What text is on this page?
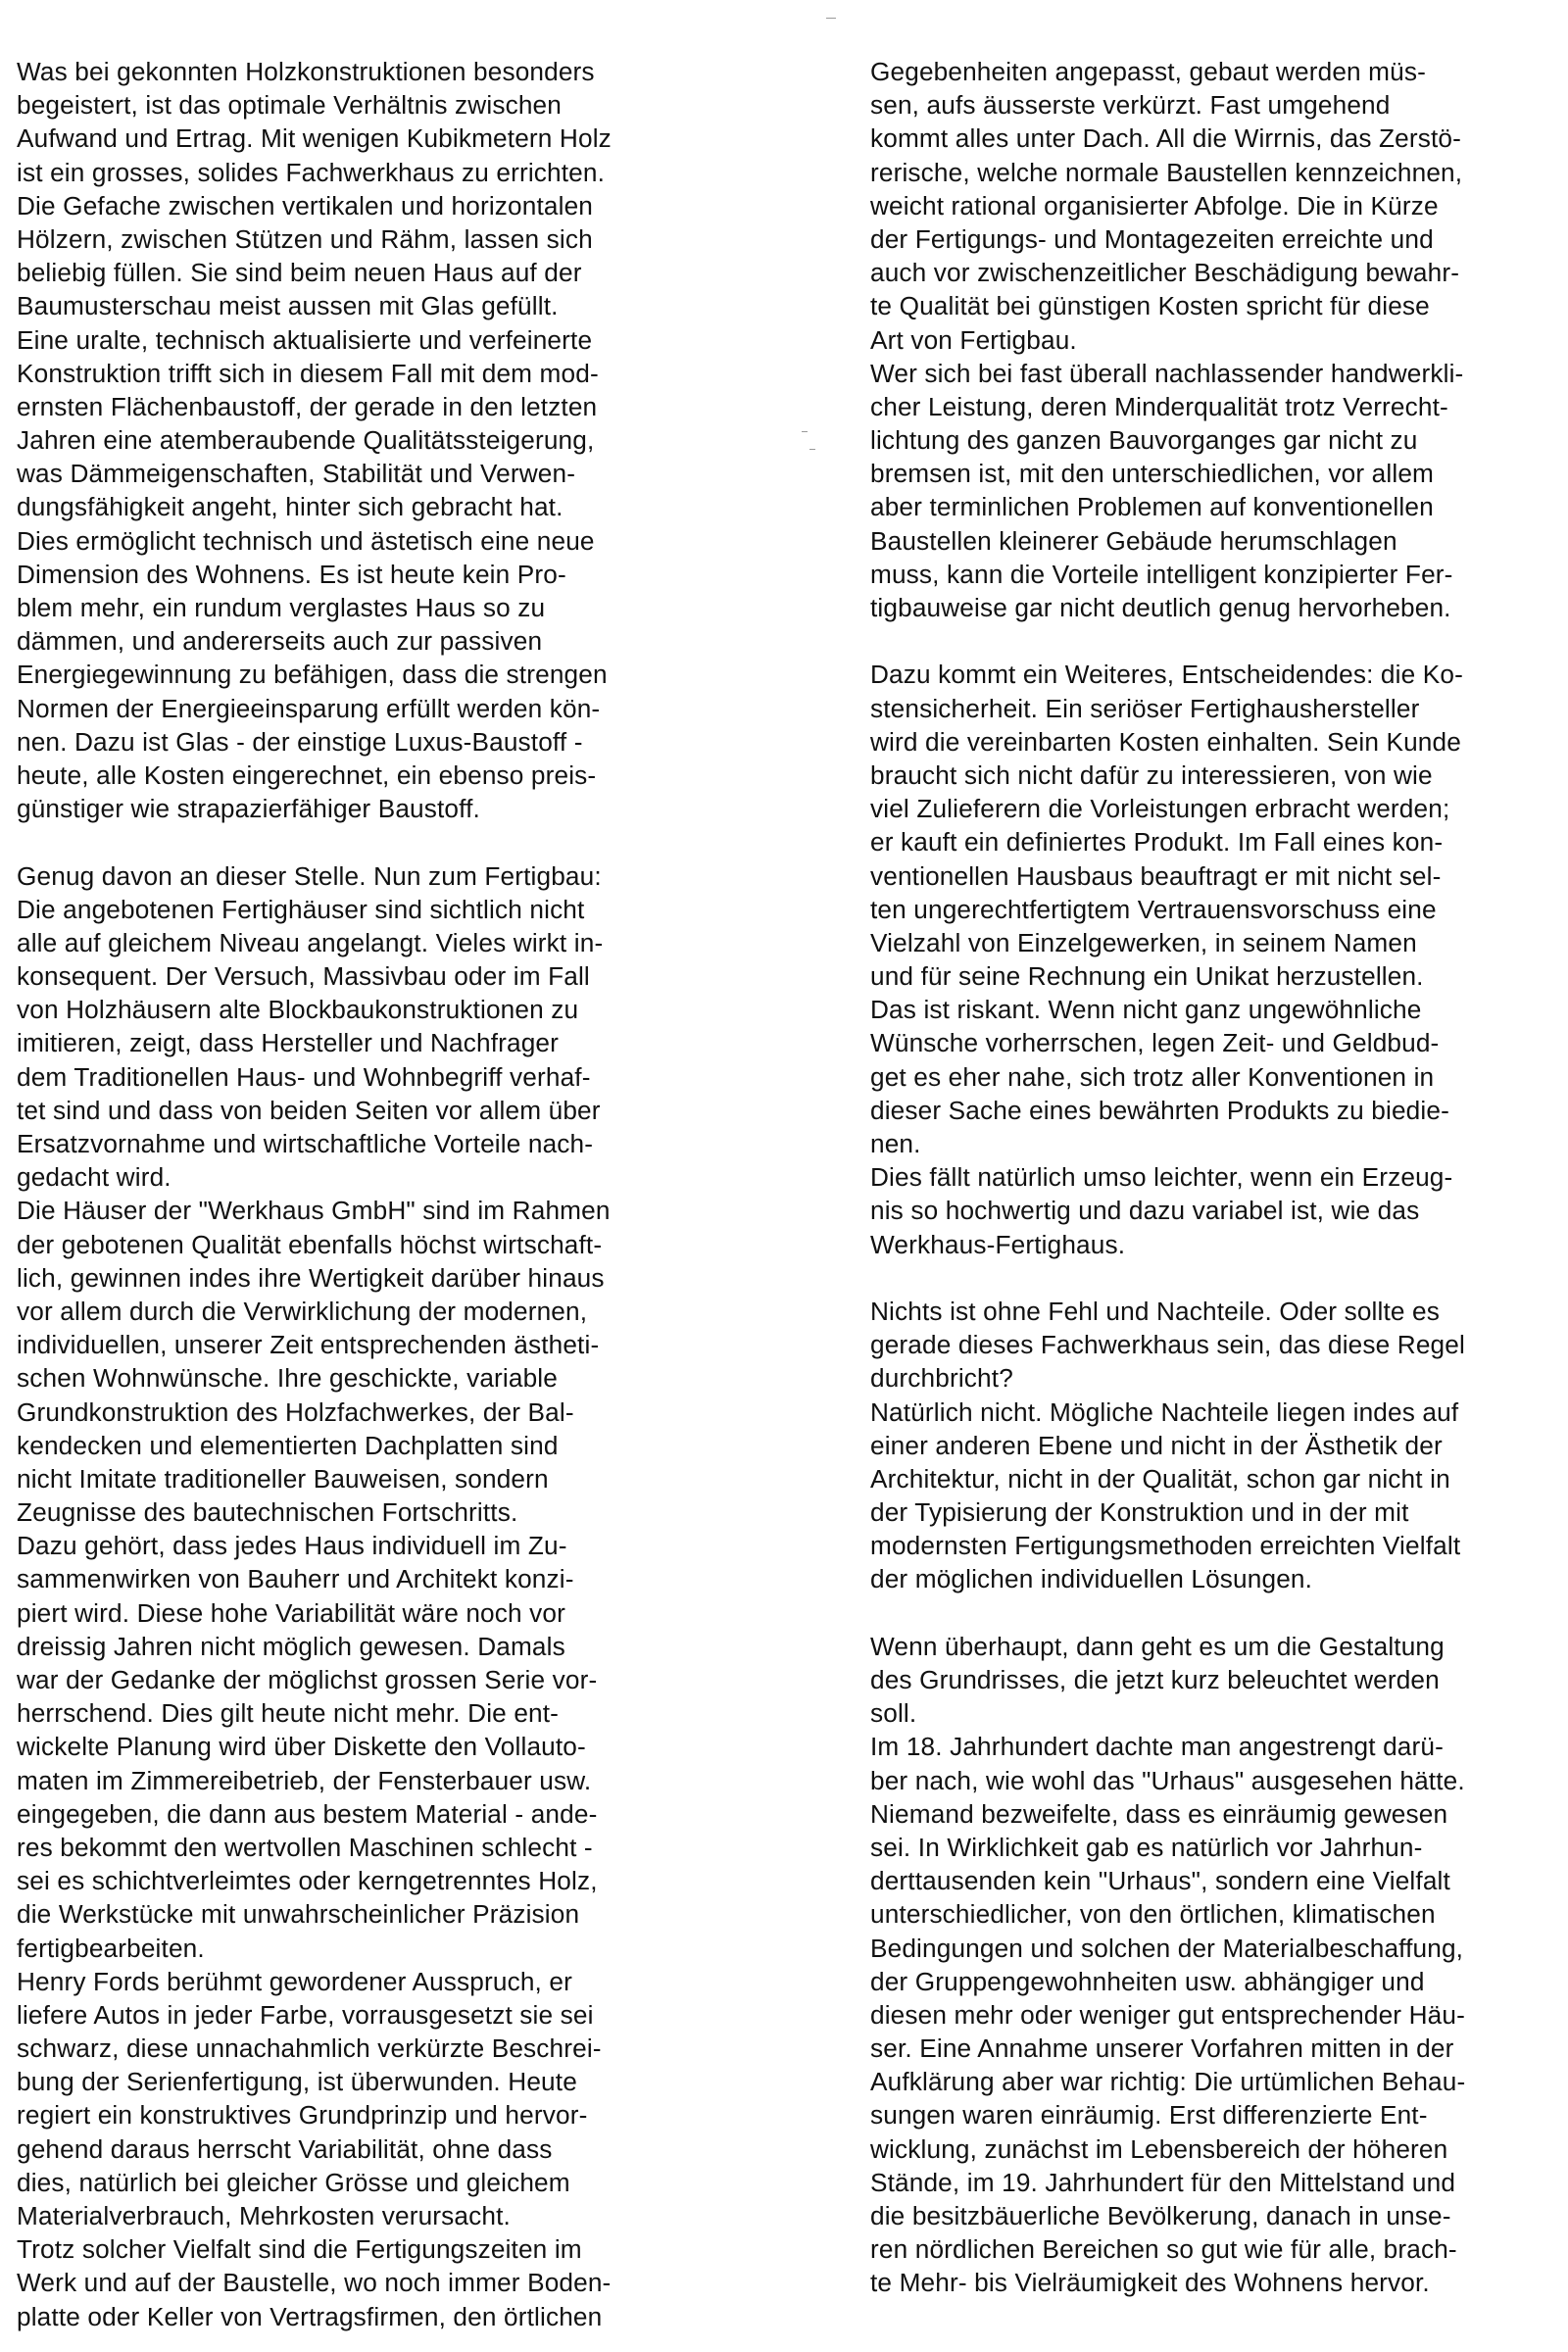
Was bei gekonnten Holzkonstruktionen besonders
begeistert, ist das optimale Verhältnis zwischen
Aufwand und Ertrag. Mit wenigen Kubikmetern Holz
ist ein grosses, solides Fachwerkhaus zu errichten.
Die Gefache zwischen vertikalen und horizontalen
Hölzern, zwischen Stützen und Rähm, lassen sich
beliebig füllen. Sie sind beim neuen Haus auf der
Baumusterschau meist aussen mit Glas gefüllt.
Eine uralte, technisch aktualisierte und verfeinerte
Konstruktion trifft sich in diesem Fall mit dem mod-
ernsten Flächenbaustoff, der gerade in den letzten
Jahren eine atemberaubende Qualitätssteigerung,
was Dämmeigenschaften, Stabilität und Verwen-
dungsfähigkeit angeht, hinter sich gebracht hat.
Dies ermöglicht technisch und ästetisch eine neue
Dimension des Wohnens. Es ist heute kein Pro-
blem mehr, ein rundum verglastes Haus so zu
dämmen, und andererseits auch zur passiven
Energiegewinnung zu befähigen, dass die strengen
Normen der Energieeinsparung erfüllt werden kön-
nen. Dazu ist Glas - der einstige Luxus-Baustoff -
heute, alle Kosten eingerechnet, ein ebenso preis-
günstiger wie strapazierfähiger Baustoff.
Genug davon an dieser Stelle. Nun zum Fertigbau:
Die angebotenen Fertighäuser sind sichtlich nicht
alle auf gleichem Niveau angelangt. Vieles wirkt in-
konsequent. Der Versuch, Massivbau oder im Fall
von Holzhäusern alte Blockbaukonstruktionen zu
imitieren, zeigt, dass Hersteller und Nachfrager
dem Traditionellen Haus- und Wohnbegriff verhaf-
tet sind und dass von beiden Seiten vor allem über
Ersatzvornahme und wirtschaftliche Vorteile nach-
gedacht wird.
Die Häuser der "Werkhaus GmbH" sind im Rahmen
der gebotenen Qualität ebenfalls höchst wirtschaft-
lich, gewinnen indes ihre Wertigkeit darüber hinaus
vor allem durch die Verwirklichung der modernen,
individuellen, unserer Zeit entsprechenden ästheti-
schen Wohnwünsche. Ihre geschickte, variable
Grundkonstruktion des Holzfachwerkes, der Bal-
kendecken und elementierten Dachplatten sind
nicht Imitate traditioneller Bauweisen, sondern
Zeugnisse des bautechnischen Fortschritts.
Dazu gehört, dass jedes Haus individuell im Zu-
sammenwirken von Bauherr und Architekt konzi-
piert wird. Diese hohe Variabilität wäre noch vor
dreissig Jahren nicht möglich gewesen. Damals
war der Gedanke der möglichst grossen Serie vor-
herrschend. Dies gilt heute nicht mehr. Die ent-
wickelte Planung wird über Diskette den Vollauto-
maten im Zimmereibetrieb, der Fensterbauer usw.
eingegeben, die dann aus bestem Material - ande-
res bekommt den wertvollen Maschinen schlecht -
sei es schichtverleimtes oder kerngetrenntes Holz,
die Werkstücke mit unwahrscheinlicher Präzision
fertigbearbeiten.
Henry Fords berühmt gewordener Ausspruch, er
liefere Autos in jeder Farbe, vorrausgesetzt sie sei
schwarz, diese unnachahmlich verkürzte Beschrei-
bung der Serienfertigung, ist überwunden. Heute
regiert ein konstruktives Grundprinzip und hervor-
gehend daraus herrscht Variabilität, ohne dass
dies, natürlich bei gleicher Grösse und gleichem
Materialverbrauch, Mehrkosten verursacht.
Trotz solcher Vielfalt sind die Fertigungszeiten im
Werk und auf der Baustelle, wo noch immer Boden-
platte oder Keller von Vertragsfirmen, den örtlichen
Gegebenheiten angepasst, gebaut werden müs-
sen, aufs äusserste verkürzt. Fast umgehend
kommt alles unter Dach. All die Wirrnis, das Zerstö-
rerische, welche normale Baustellen kennzeichnen,
weicht rational organisierter Abfolge. Die in Kürze
der Fertigungs- und Montagezeiten erreichte und
auch vor zwischenzeitlicher Beschädigung bewahr-
te Qualität bei günstigen Kosten spricht für diese
Art von Fertigbau.
Wer sich bei fast überall nachlassender handwerkli-
cher Leistung, deren Minderqualität trotz Verrecht-
lichtung des ganzen Bauvorganges gar nicht zu
bremsen ist, mit den unterschiedlichen, vor allem
aber terminlichen Problemen auf konventionellen
Baustellen kleinerer Gebäude herumschlagen
muss, kann die Vorteile intelligent konzipierter Fer-
tigbauweise gar nicht deutlich genug hervorheben.
Dazu kommt ein Weiteres, Entscheidendes: die Ko-
stensicherheit. Ein seriöser Fertighaushersteller
wird die vereinbarten Kosten einhalten. Sein Kunde
braucht sich nicht dafür zu interessieren, von wie
viel Zulieferern die Vorleistungen erbracht werden;
er kauft ein definiertes Produkt. Im Fall eines kon-
ventionellen Hausbaus beauftragt er mit nicht sel-
ten ungerechtfertigtem Vertrauensvorschuss eine
Vielzahl von Einzelgewerken, in seinem Namen
und für seine Rechnung ein Unikat herzustellen.
Das ist riskant. Wenn nicht ganz ungewöhnliche
Wünsche vorherrschen, legen Zeit- und Geldbud-
get es eher nahe, sich trotz aller Konventionen in
dieser Sache eines bewährten Produkts zu biedie-
nen.
Dies fällt natürlich umso leichter, wenn ein Erzeug-
nis so hochwertig und dazu variabel ist, wie das
Werkhaus-Fertighaus.
Nichts ist ohne Fehl und Nachteile. Oder sollte es
gerade dieses Fachwerkhaus sein, das diese Regel
durchbricht?
Natürlich nicht. Mögliche Nachteile liegen indes auf
einer anderen Ebene und nicht in der Ästhetik der
Architektur, nicht in der Qualität, schon gar nicht in
der Typisierung der Konstruktion und in der mit
modernsten Fertigungsmethoden erreichten Vielfalt
der möglichen individuellen Lösungen.
Wenn überhaupt, dann geht es um die Gestaltung
des Grundrisses, die jetzt kurz beleuchtet werden
soll.
Im 18. Jahrhundert dachte man angestrengt darü-
ber nach, wie wohl das "Urhaus" ausgesehen hätte.
Niemand bezweifelte, dass es einräumig gewesen
sei. In Wirklichkeit gab es natürlich vor Jahrhun-
derttausenden kein "Urhaus", sondern eine Vielfalt
unterschiedlicher, von den örtlichen, klimatischen
Bedingungen und solchen der Materialbeschaffung,
der Gruppengewohnheiten usw. abhängiger und
diesen mehr oder weniger gut entsprechender Häu-
ser. Eine Annahme unserer Vorfahren mitten in der
Aufklärung aber war richtig: Die urtümlichen Behau-
sungen waren einräumig. Erst differenzierte Ent-
wicklung, zunächst im Lebensbereich der höheren
Stände, im 19. Jahrhundert für den Mittelstand und
die besitzbäuerliche Bevölkerung, danach in unse-
ren nördlichen Bereichen so gut wie für alle, brach-
te Mehr- bis Vielräumigkeit des Wohnens hervor.
